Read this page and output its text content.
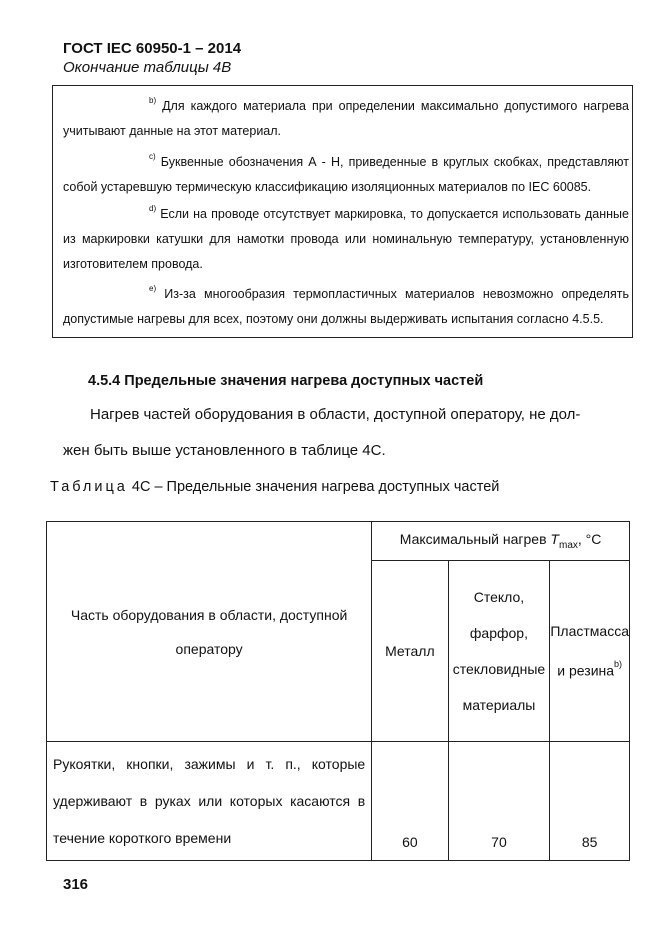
ГОСТ IEC 60950-1 – 2014
Окончание таблицы 4В
$^{b)}$ Для каждого материала при определении максимально допустимого нагрева учитывают данные на этот материал.
$^{c)}$ Буквенные обозначения А - Н, приведенные в круглых скобках, представляют собой устаревшую термическую классификацию изоляционных материалов по IEC 60085.
$^{d)}$ Если на проводе отсутствует маркировка, то допускается использовать данные из маркировки катушки для намотки провода или номинальную температуру, установленную изготовителем провода.
$^{e)}$ Из-за многообразия термопластичных материалов невозможно определять допустимые нагревы для всех, поэтому они должны выдерживать испытания согласно 4.5.5.
4.5.4 Предельные значения нагрева доступных частей
Нагрев частей оборудования в области, доступной оператору, не дол-
жен быть выше установленного в таблице 4С.
Таблица 4С – Предельные значения нагрева доступных частей
Часть оборудования в области, доступной оператору	Максимальный нагрев $T_{max}$, °С		
	Металл	Стекло, фарфор, стекловидные материалы	Пластмасса и резина$^{b)}$
Рукоятки, кнопки, зажимы и т. п., которые удерживают в руках или которых касаются в течение короткого времени	60	70	85
316
